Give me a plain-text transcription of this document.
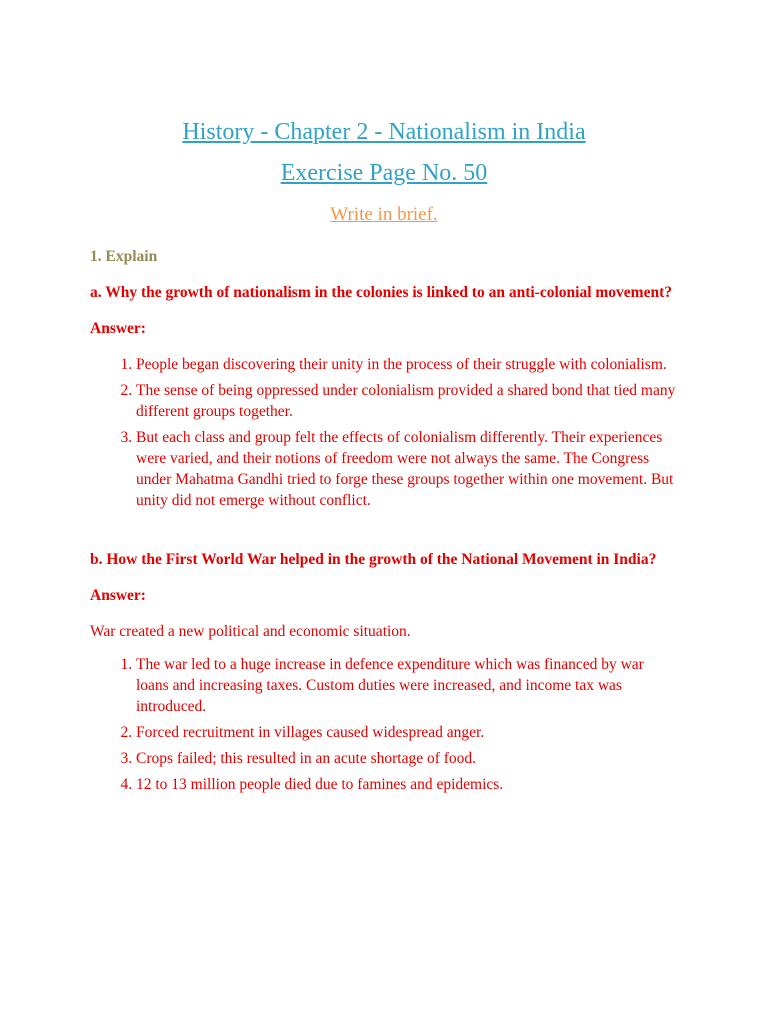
History - Chapter 2 - Nationalism in India
Exercise Page No. 50
Write in brief.

1. Explain

a. Why the growth of nationalism in the colonies is linked to an anti-colonial movement?

Answer:

1. People began discovering their unity in the process of their struggle with colonialism.
2. The sense of being oppressed under colonialism provided a shared bond that tied many different groups together.
3. But each class and group felt the effects of colonialism differently. Their experiences were varied, and their notions of freedom were not always the same. The Congress under Mahatma Gandhi tried to forge these groups together within one movement. But unity did not emerge without conflict.

b. How the First World War helped in the growth of the National Movement in India?

Answer:

War created a new political and economic situation.

1. The war led to a huge increase in defence expenditure which was financed by war loans and increasing taxes. Custom duties were increased, and income tax was introduced.
2. Forced recruitment in villages caused widespread anger.
3. Crops failed; this resulted in an acute shortage of food.
4. 12 to 13 million people died due to famines and epidemics.
